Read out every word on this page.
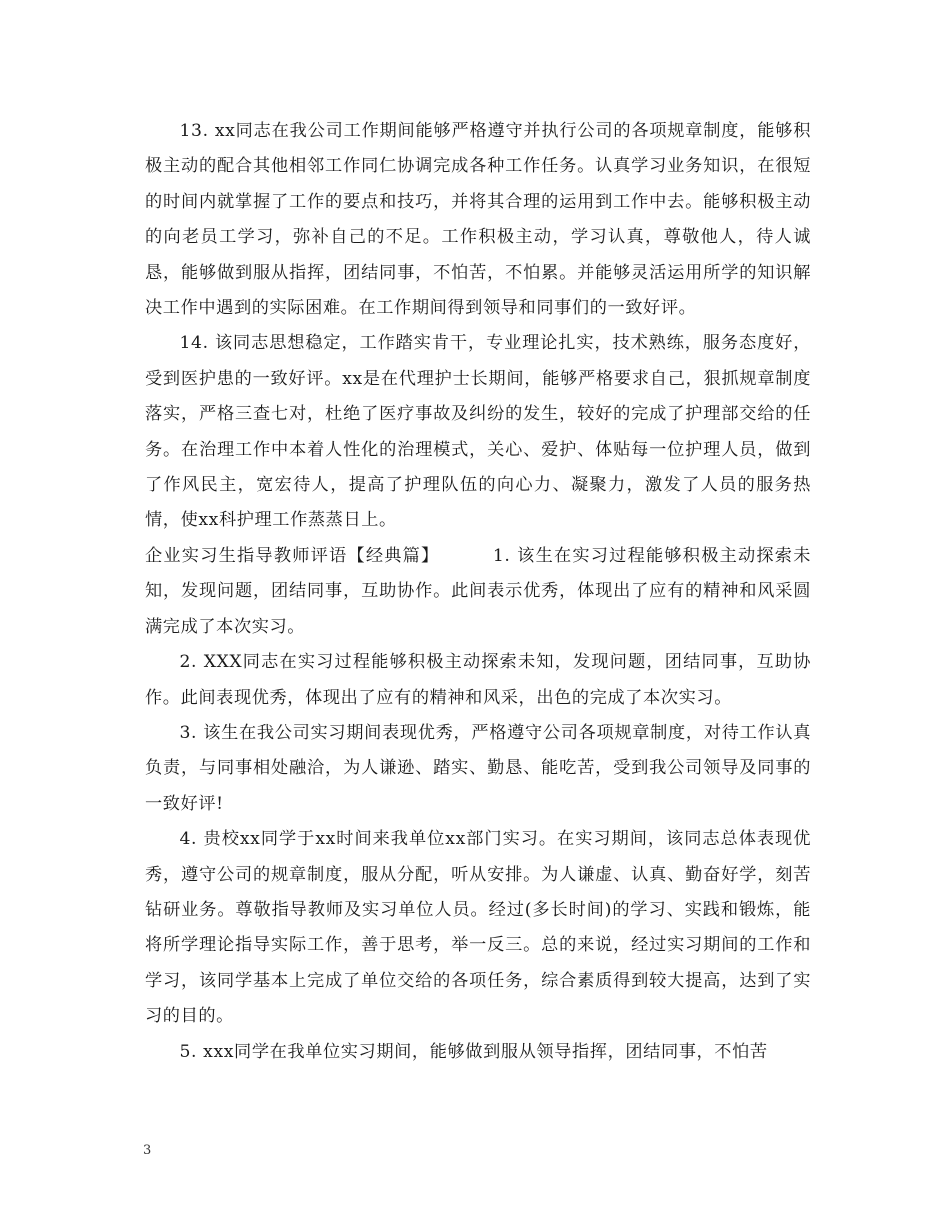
13. xx同志在我公司工作期间能够严格遵守并执行公司的各项规章制度，能够积极主动的配合其他相邻工作同仁协调完成各种工作任务。认真学习业务知识，在很短的时间内就掌握了工作的要点和技巧，并将其合理的运用到工作中去。能够积极主动的向老员工学习，弥补自己的不足。工作积极主动，学习认真，尊敬他人，待人诚恳，能够做到服从指挥，团结同事，不怕苦，不怕累。并能够灵活运用所学的知识解决工作中遇到的实际困难。在工作期间得到领导和同事们的一致好评。

14. 该同志思想稳定，工作踏实肯干，专业理论扎实，技术熟练，服务态度好，受到医护患的一致好评。xx是在代理护士长期间，能够严格要求自己，狠抓规章制度落实，严格三查七对，杜绝了医疗事故及纠纷的发生，较好的完成了护理部交给的任务。在治理工作中本着人性化的治理模式，关心、爱护、体贴每一位护理人员，做到了作风民主，宽宏待人，提高了护理队伍的向心力、凝聚力，激发了人员的服务热情，使xx科护理工作蒸蒸日上。

企业实习生指导教师评语【经典篇】	1. 该生在实习过程能够积极主动探索未知，发现问题，团结同事，互助协作。此间表示优秀，体现出了应有的精神和风采圆满完成了本次实习。

2. XXX同志在实习过程能够积极主动探索未知，发现问题，团结同事，互助协作。此间表现优秀，体现出了应有的精神和风采，出色的完成了本次实习。

3. 该生在我公司实习期间表现优秀，严格遵守公司各项规章制度，对待工作认真负责，与同事相处融洽，为人谦逊、踏实、勤恳、能吃苦，受到我公司领导及同事的一致好评!

4. 贵校xx同学于xx时间来我单位xx部门实习。在实习期间，该同志总体表现优秀，遵守公司的规章制度，服从分配，听从安排。为人谦虚、认真、勤奋好学，刻苦钻研业务。尊敬指导教师及实习单位人员。经过(多长时间)的学习、实践和锻炼，能将所学理论指导实际工作，善于思考，举一反三。总的来说，经过实习期间的工作和学习，该同学基本上完成了单位交给的各项任务，综合素质得到较大提高，达到了实习的目的。

5. xxx同学在我单位实习期间，能够做到服从领导指挥，团结同事，不怕苦

3
